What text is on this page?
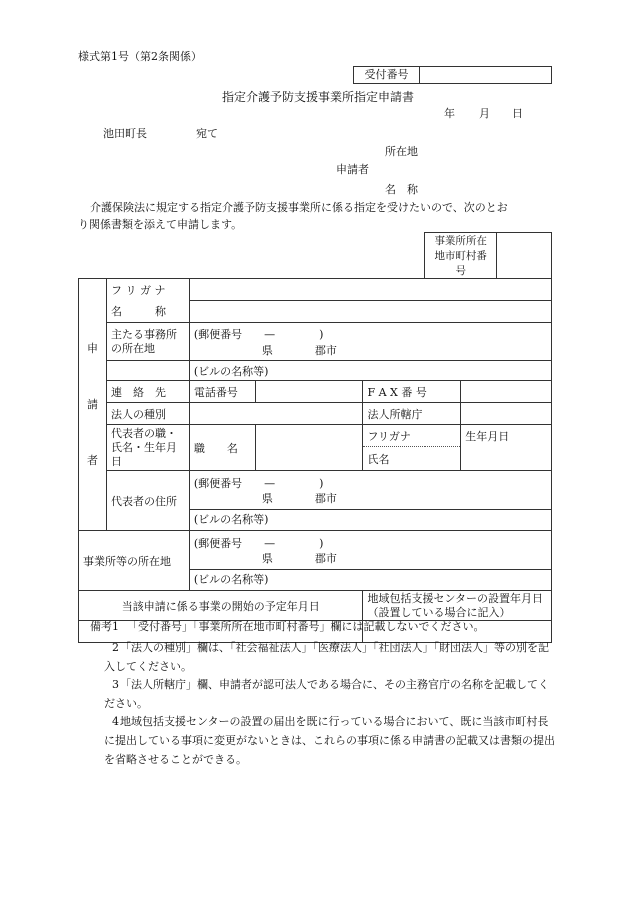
様式第1号（第2条関係）
受付番号
指定介護予防支援事業所指定申請書
年 月 日
池田町長	宛て
所在地
申請者
名　称
介護保険法に規定する指定介護予防支援事業所に係る指定を受けたいので、次のとお
り関係書類を添えて申請します。
					事業所所在地市町村番号		

申
請
者	フ リ ガ ナ						
	名　　　称						
	主たる事務所の所在地	(郵便番号　　—　　　　)
県 郡市					

		(ビルの名称等)					
	連　絡　先	電話番号		F A X 番 号			
	法人の種別			法人所轄庁			
	代表者の職・氏名・生年月日	職　　名		フリガナ		生年月日	
				氏名			
	代表者の住所	(郵便番号　　—　　　　)
県 郡市
(ビルの名称等)					

事業所等の所在地		(郵便番号　　—　　　　)
県 郡市
(ビルの名称等)					

当該申請に係る事業の開始の予定年月日				地域包括支援センターの設置年月日（設置している場合に記入）			

備考1 「受付番号」「事業所所在地市町村番号」欄には記載しないでください。
2「法人の種別」欄は、「社会福祉法人」「医療法人」「社団法人」「財団法人」等の別を記入してください。
3「法人所轄庁」欄、申請者が認可法人である場合に、その主務官庁の名称を記載してください。
4地域包括支援センターの設置の届出を既に行っている場合において、既に当該市町村長に提出している事項に変更がないときは、これらの事項に係る申請書の記載又は書類の提出を省略させることができる。
